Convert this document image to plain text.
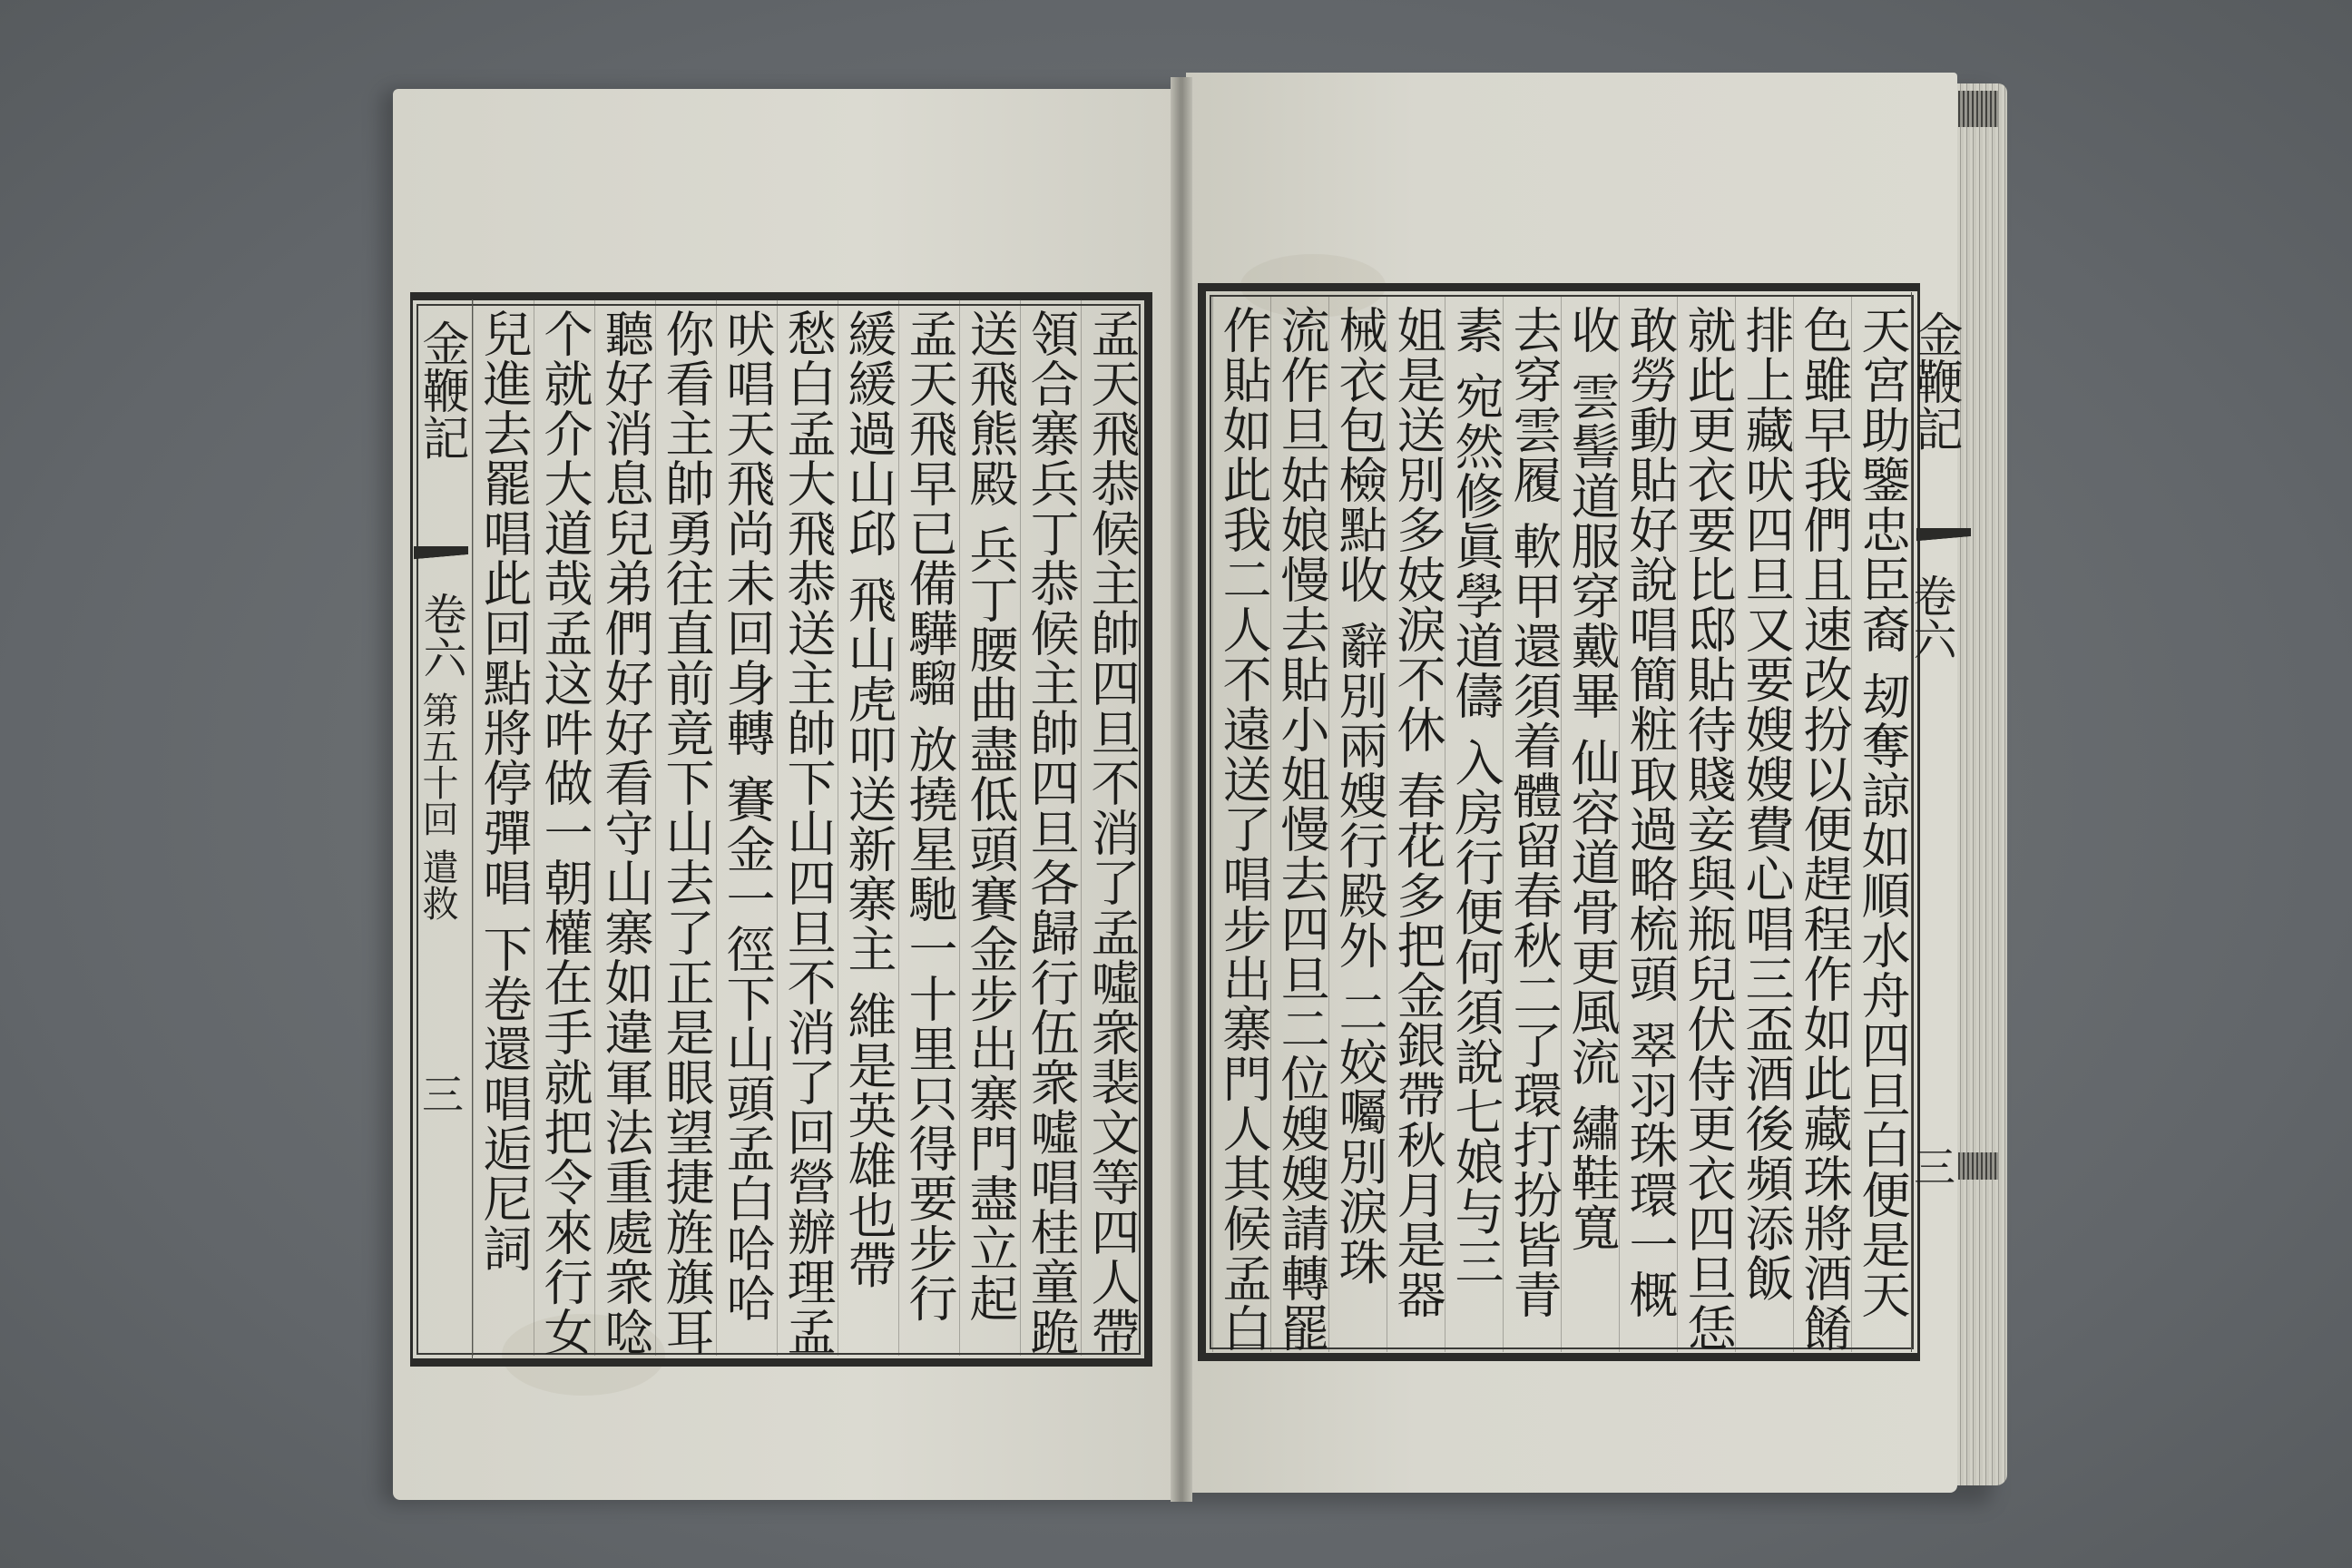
金鞭記
卷六
第五十回 遣救
三	孟天飛恭候主帥四旦不消了孟噓衆裴文等四人帶
領合寨兵丁恭候主帥四旦各歸行伍衆噓唱桂童跪
送飛熊殿 兵丁腰曲盡低頭賽金步出寨門盡立起
孟天飛早已備驊騮 放撓星馳一十里只得要步行
緩緩過山邱 飛山虎叩送新寨主 維是英雄也帶
愁白孟大飛恭送主帥下山四旦不消了回營辦理孟
吠唱天飛尚未回身轉 賽金一徑下山頭孟白哈哈
你看主帥勇往直前竟下山去了正是眼望捷旌旗耳
聽好消息兒弟們好好看守山寨如違軍法重處衆唸
个就介大道哉孟这吽做一朝權在手就把令來行女
兒進去罷唱此回點將停彈唱 下卷還唱逅尼詞	金鞭記
卷六
三
天宮助鑒忠臣裔 刼奪諒如順水舟四旦白便是天
色雖早我們且速改扮以便趕程作如此藏珠將酒餚
排上藏吠四旦又要嫂嫂費心唱三盃酒後頻添飯
就此更衣要比邸貼待賤妾與瓶兒伏侍更衣四旦恁
敢勞動貼好說唱簡粧取過略梳頭 翠羽珠環一概
收 雲髻道服穿戴畢 仙容道骨更風流 繡鞋寬
去穿雲履 軟甲還須着體留春秋二了環打扮皆青
素 宛然修眞學道儔 入房行便何須說七娘与三
姐是送別多妓淚不休 春花多把金銀帶秋月是器
械衣包檢點收 辭別兩嫂行殿外 二姣囑別淚珠
流作旦姑娘慢去貼小姐慢去四旦二位嫂嫂請轉罷
作貼如此我二人不遠送了唱步出寨門人其候孟白
